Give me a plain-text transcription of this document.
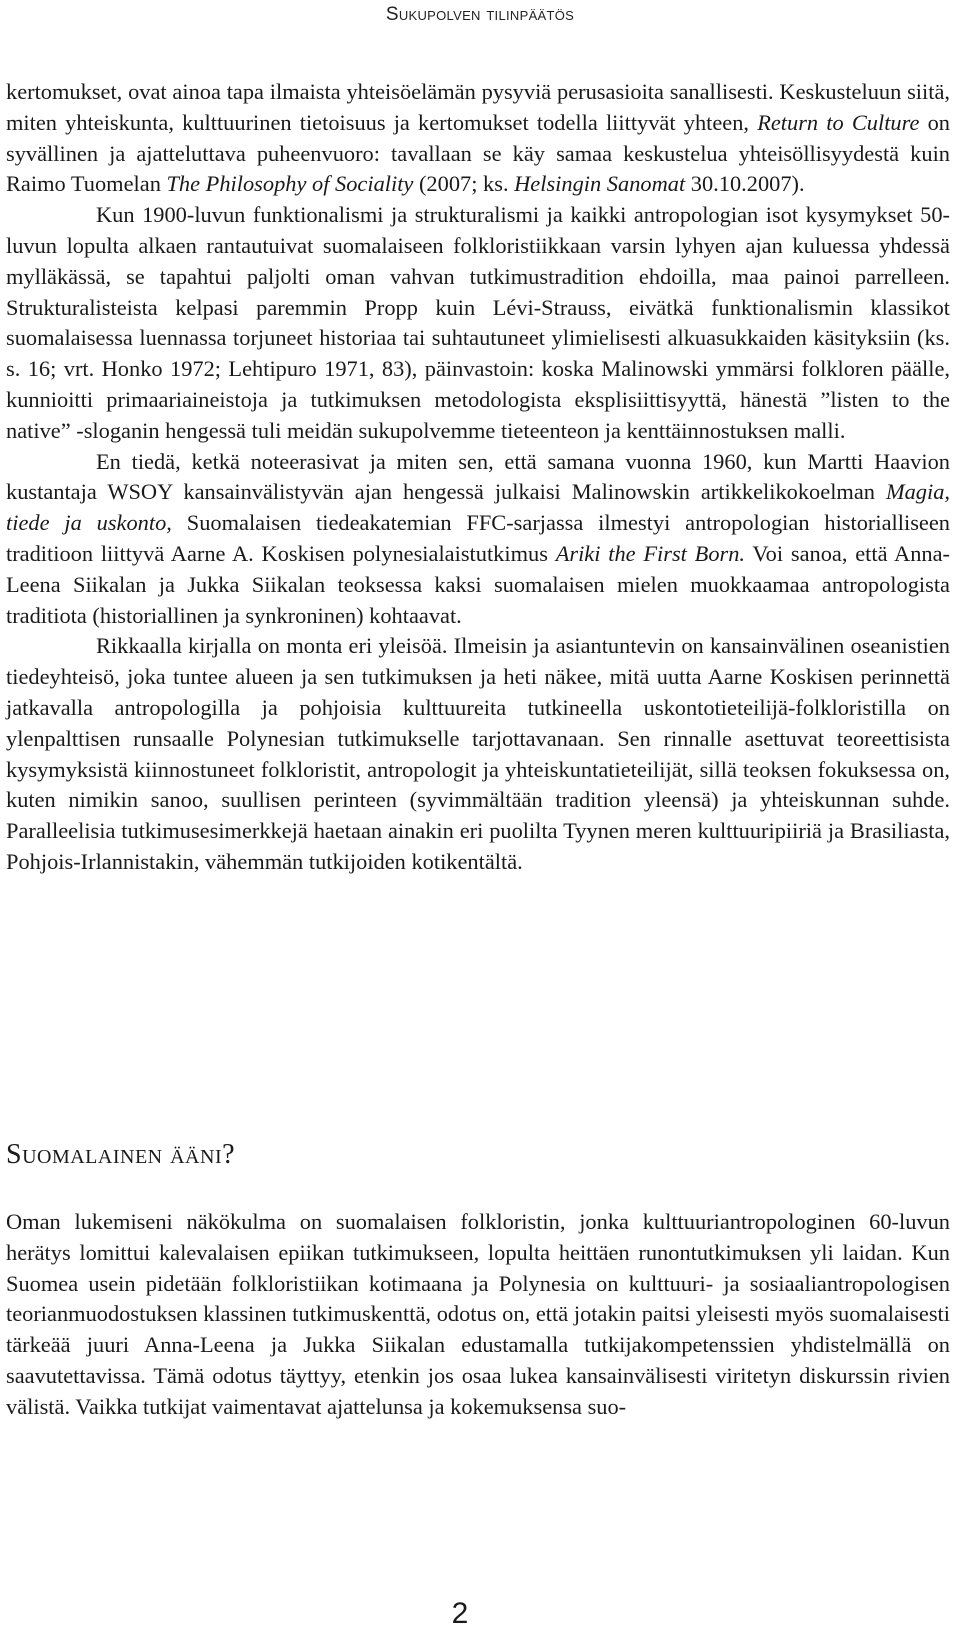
Sukupolven tilinpäätös

kertomukset, ovat ainoa tapa ilmaista yhteisöelämän pysyviä perusasioita sanallisesti. Keskusteluun siitä, miten yhteiskunta, kulttuurinen tietoisuus ja kertomukset todella liittyvät yhteen, Return to Culture on syvällinen ja ajatteluttava puheenvuoro: tavallaan se käy samaa keskustelua yhteisöllisyydestä kuin Raimo Tuomelan The Philosophy of Sociality (2007; ks. Helsingin Sanomat 30.10.2007).

Kun 1900-luvun funktionalismi ja strukturalismi ja kaikki antropologian isot kysymykset 50-luvun lopulta alkaen rantautuivat suomalaiseen folkloristiikkaan varsin lyhyen ajan kuluessa yhdessä mylläkässä, se tapahtui paljolti oman vahvan tutkimustradition ehdoilla, maa painoi parrelleen. Strukturalisteista kelpasi paremmin Propp kuin Lévi-Strauss, eivätkä funktionalismin klassikot suomalaisessa luennassa torjuneet historiaa tai suhtautuneet ylimielisesti alkuasukkaiden käsityksiin (ks. s. 16; vrt. Honko 1972; Lehtipuro 1971, 83), päinvastoin: koska Malinowski ymmärsi folkloren päälle, kunnioitti primaariaineistoja ja tutkimuksen metodologista eksplisiittisyyttä, hänestä ”listen to the native” -sloganin hengessä tuli meidän sukupolvemme tieteenteon ja kenttäinnostuksen malli.

En tiedä, ketkä noteerasivat ja miten sen, että samana vuonna 1960, kun Martti Haavion kustantaja WSOY kansainvälistyvän ajan hengessä julkaisi Malinowskin artikkelikokoelman Magia, tiede ja uskonto, Suomalaisen tiedeakatemian FFC-sarjassa ilmestyi antropologian historialliseen traditioon liittyvä Aarne A. Koskisen polynesialaistutkimus Ariki the First Born. Voi sanoa, että Anna-Leena Siikalan ja Jukka Siikalan teoksessa kaksi suomalaisen mielen muokkaamaa antropologista traditiota (historiallinen ja synkroninen) kohtaavat.

Rikkaalla kirjalla on monta eri yleisöä. Ilmeisin ja asiantuntevin on kansainvälinen oseanistien tiedeyhteisö, joka tuntee alueen ja sen tutkimuksen ja heti näkee, mitä uutta Aarne Koskisen perinnettä jatkavalla antropologilla ja pohjoisia kulttuureita tutkineella uskontotieteilijä-folkloristilla on ylenpalttisen runsaalle Polynesian tutkimukselle tarjottavanaan. Sen rinnalle asettuvat teoreettisista kysymyksistä kiinnostuneet folkloristit, antropologit ja yhteiskuntatieteilijät, sillä teoksen fokuksessa on, kuten nimikin sanoo, suullisen perinteen (syvimmältään tradition yleensä) ja yhteiskunnan suhde. Paralleelisia tutkimusesimerkkejä haetaan ainakin eri puolilta Tyynen meren kulttuuripiiriä ja Brasiliasta, Pohjois-Irlannistakin, vähemmän tutkijoiden kotikentältä.

Suomalainen ääni?

Oman lukemiseni näkökulma on suomalaisen folkloristin, jonka kulttuuriantropologinen 60-luvun herätys lomittui kalevalaisen epiikan tutkimukseen, lopulta heittäen runontutkimuksen yli laidan. Kun Suomea usein pidetään folkloristiikan kotimaana ja Polynesia on kulttuuri- ja sosiaaliantropologisen teorianmuodostuksen klassinen tutkimuskenttä, odotus on, että jotakin paitsi yleisesti myös suomalaisesti tärkeää juuri Anna-Leena ja Jukka Siikalan edustamalla tutkijakompetenssien yhdistelmällä on saavutettavissa. Tämä odotus täyttyy, etenkin jos osaa lukea kansainvälisesti viritetyn diskurssin rivien välistä. Vaikka tutkijat vaimentavat ajattelunsa ja kokemuksensa suo-

2
